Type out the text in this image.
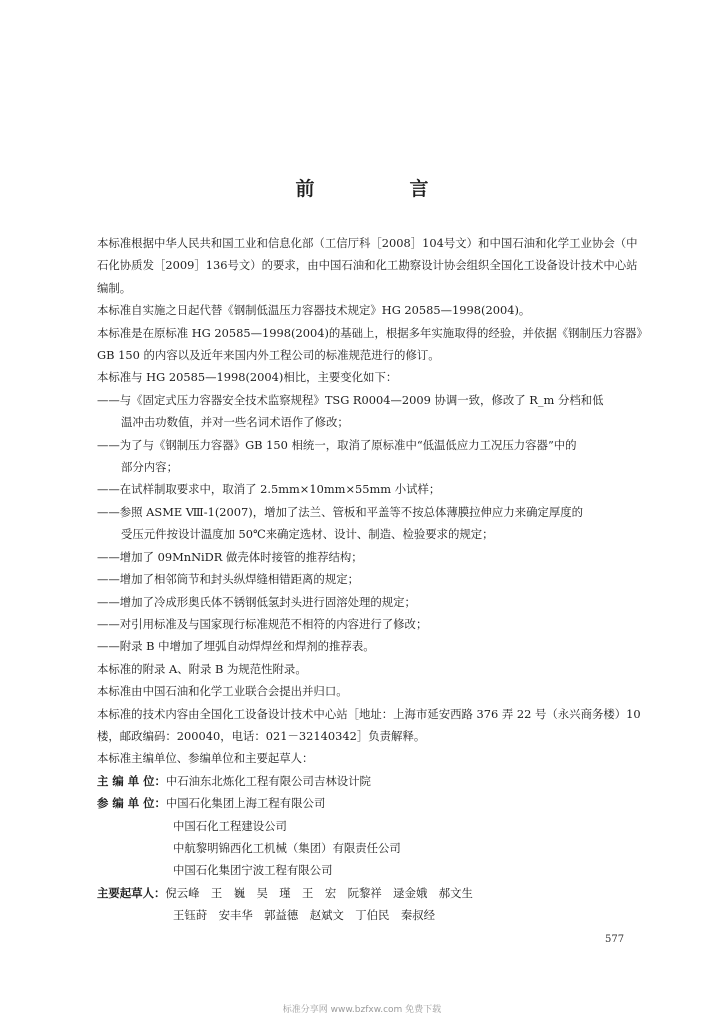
前　言

本标准根据中华人民共和国工业和信息化部（工信厅科［2008］104号文）和中国石油和化学工业协会（中石化协质发［2009］136号文）的要求，由中国石油和化工勘察设计协会组织全国化工设备设计技术中心站编制。

本标准自实施之日起代替《钢制低温压力容器技术规定》HG 20585—1998(2004)。

本标准是在原标准 HG 20585—1998(2004)的基础上，根据多年实施取得的经验，并依据《钢制压力容器》GB 150 的内容以及近年来国内外工程公司的标准规范进行的修订。

本标准与 HG 20585—1998(2004)相比，主要变化如下：

——与《固定式压力容器安全技术监察规程》TSG R0004—2009 协调一致，修改了 R_m 分档和低
温冲击功数值，并对一些名词术语作了修改；
——为了与《钢制压力容器》GB 150 相统一，取消了原标准中“低温低应力工况压力容器”中的
部分内容；
——在试样制取要求中，取消了 2.5mm×10mm×55mm 小试样；
——参照 ASME Ⅷ-1(2007)，增加了法兰、管板和平盖等不按总体薄膜拉伸应力来确定厚度的
受压元件按设计温度加 50℃来确定选材、设计、制造、检验要求的规定；
——增加了 09MnNiDR 做壳体时接管的推荐结构；
——增加了相邻筒节和封头纵焊缝相错距离的规定；
——增加了冷成形奥氏体不锈钢低氢封头进行固溶处理的规定；
——对引用标准及与国家现行标准规范不相符的内容进行了修改；
——附录 B 中增加了埋弧自动焊焊丝和焊剂的推荐表。

本标准的附录 A、附录 B 为规范性附录。

本标准由中国石油和化学工业联合会提出并归口。

本标准的技术内容由全国化工设备设计技术中心站［地址：上海市延安西路 376 弄 22 号（永兴商务楼）10 楼，邮政编码：200040，电话：021－32140342］负责解释。

本标准主编单位、参编单位和主要起草人：

主 编 单 位： 中石油东北炼化工程有限公司吉林设计院
参 编 单 位： 中国石化集团上海工程有限公司

中国石化工程建设公司

中航黎明锦西化工机械（集团）有限责任公司

中国石化集团宁波工程有限公司

主要起草人： 倪云峰　王　巍　吴　瑾　王　宏　阮黎祥　逯金娥　郝文生

王钰莳　安丰华　郭益德　赵斌文　丁伯民　秦叔经

577
标准分享网 www.bzfxw.com 免费下载
